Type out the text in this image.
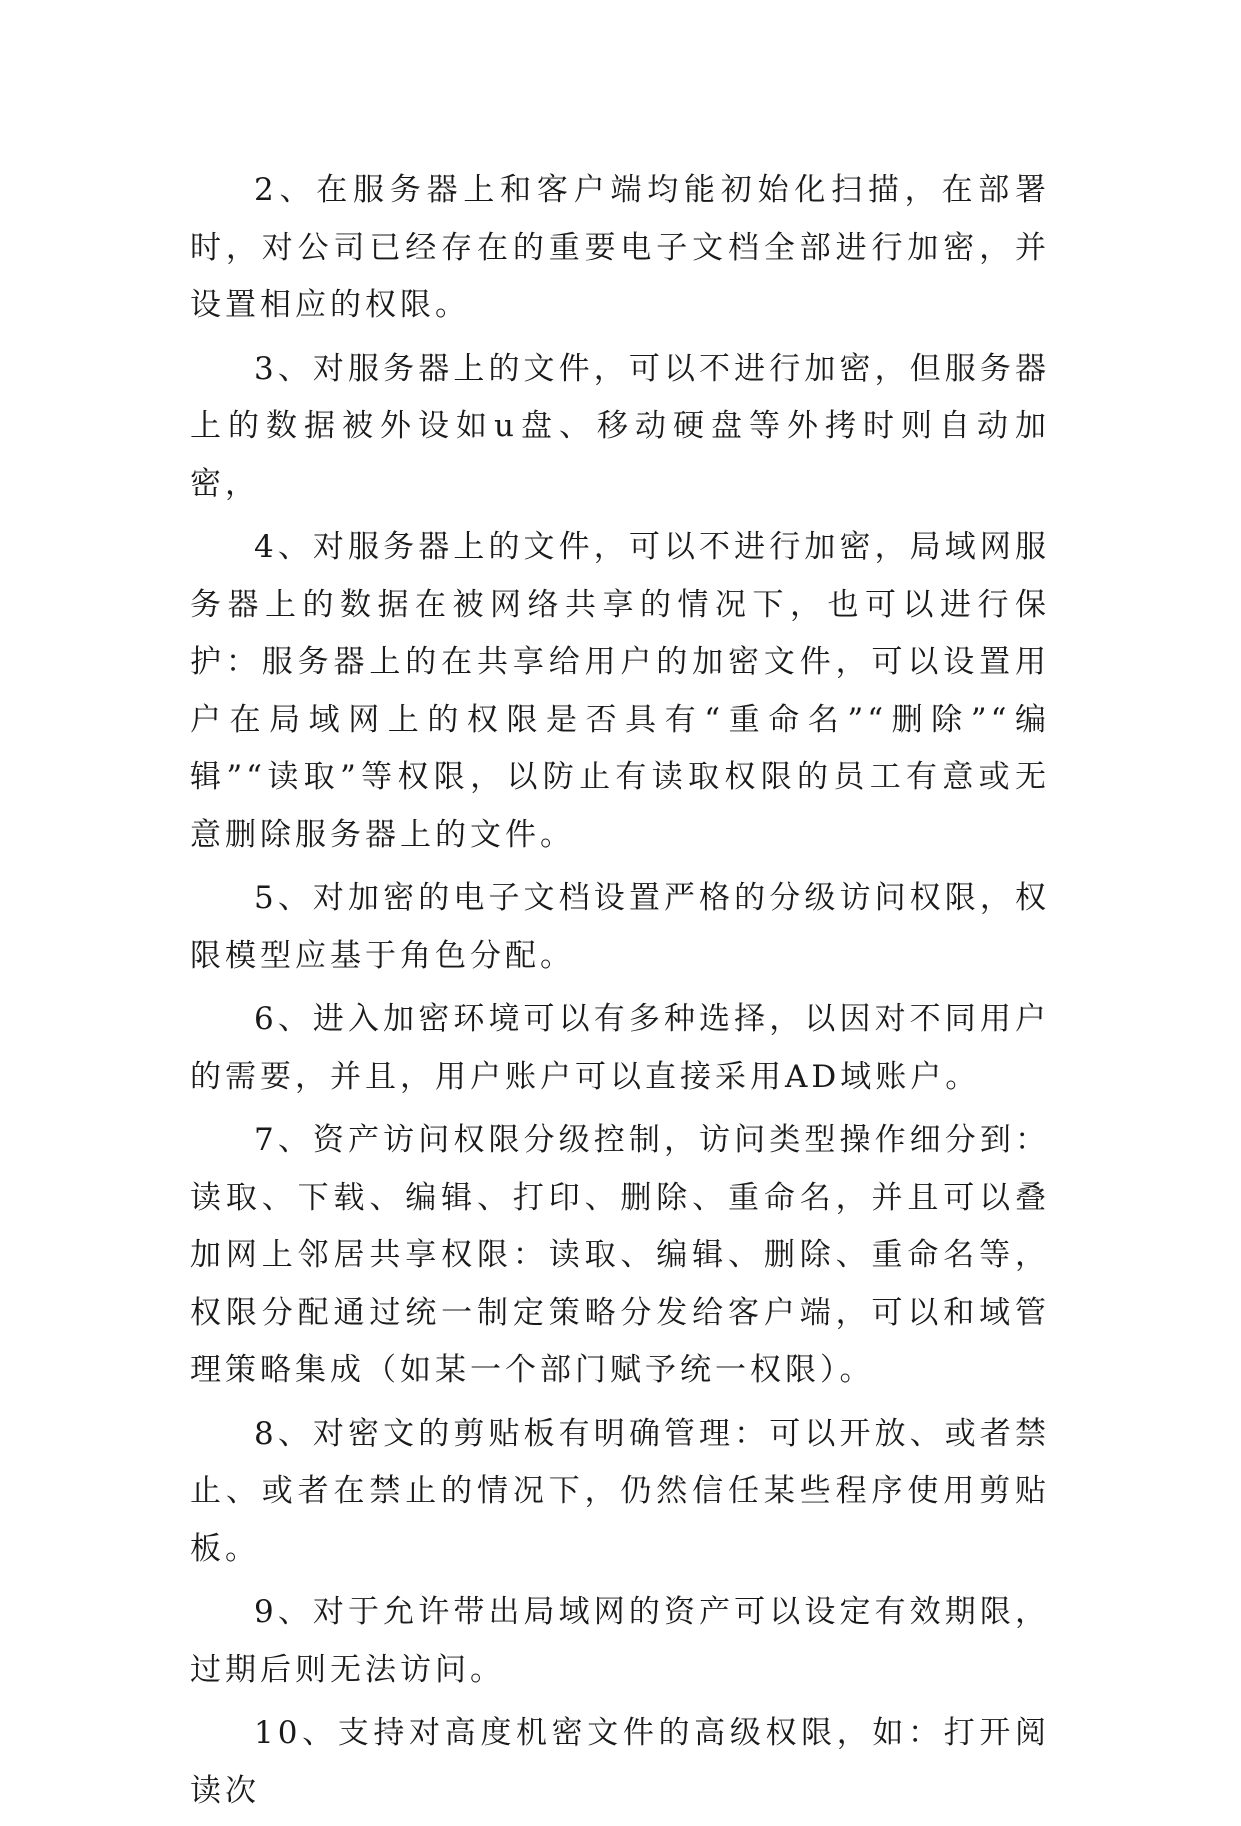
2、在服务器上和客户端均能初始化扫描，在部署时，对公司已经存在的重要电子文档全部进行加密，并设置相应的权限。

3、对服务器上的文件，可以不进行加密，但服务器上的数据被外设如u盘、移动硬盘等外拷时则自动加密，

4、对服务器上的文件，可以不进行加密，局域网服务器上的数据在被网络共享的情况下，也可以进行保护：服务器上的在共享给用户的加密文件，可以设置用户在局域网上的权限是否具有“重命名”“删除”“编辑”“读取”等权限，以防止有读取权限的员工有意或无意删除服务器上的文件。

5、对加密的电子文档设置严格的分级访问权限，权限模型应基于角色分配。

6、进入加密环境可以有多种选择，以因对不同用户的需要，并且，用户账户可以直接采用AD域账户。

7、资产访问权限分级控制，访问类型操作细分到：读取、下载、编辑、打印、删除、重命名，并且可以叠加网上邻居共享权限：读取、编辑、删除、重命名等，权限分配通过统一制定策略分发给客户端，可以和域管理策略集成（如某一个部门赋予统一权限）。

8、对密文的剪贴板有明确管理：可以开放、或者禁止、或者在禁止的情况下，仍然信任某些程序使用剪贴板。

9、对于允许带出局域网的资产可以设定有效期限，过期后则无法访问。

10、支持对高度机密文件的高级权限，如：打开阅读次
